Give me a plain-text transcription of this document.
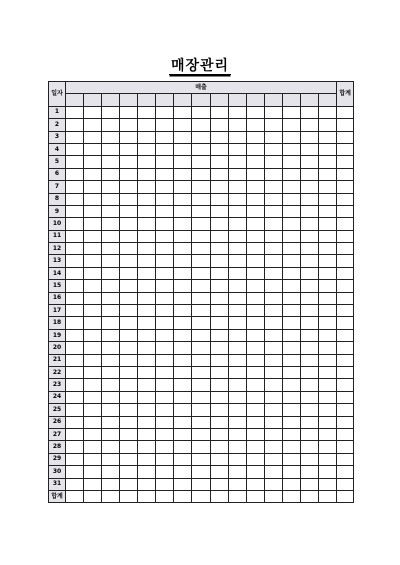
매장관리
일자	매출															합계

1																
2																
3																
4																
5																
6																
7																
8																
9																
10																
11																
12																
13																
14																
15																
16																
17																
18																
19																
20																
21																
22																
23																
24																
25																
26																
27																
28																
29																
30																
31																
합계																
